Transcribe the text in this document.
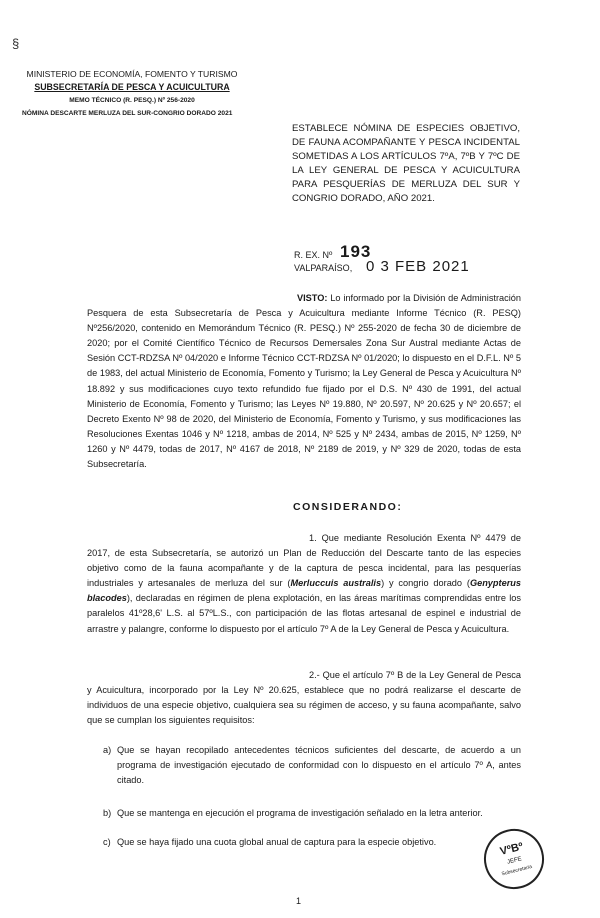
§
MINISTERIO DE ECONOMÍA, FOMENTO Y TURISMO
SUBSECRETARÍA DE PESCA Y ACUICULTURA
MEMO TÉCNICO (R. PESQ.) Nº 256-2020
NÓMINA DESCARTE MERLUZA DEL SUR-CONGRIO DORADO 2021
ESTABLECE NÓMINA DE ESPECIES OBJETIVO, DE FAUNA ACOMPAÑANTE Y PESCA INCIDENTAL SOMETIDAS A LOS ARTÍCULOS 7ºA, 7ºB Y 7ºC DE LA LEY GENERAL DE PESCA Y ACUICULTURA PARA PESQUERÍAS DE MERLUZA DEL SUR Y CONGRIO DORADO, AÑO 2021.
R. EX. Nº 193
VALPARAÍSO, 0 3 FEB 2021
VISTO: Lo informado por la División de Administración Pesquera de esta Subsecretaría de Pesca y Acuicultura mediante Informe Técnico (R. PESQ) Nº256/2020, contenido en Memorándum Técnico (R. PESQ.) Nº 255-2020 de fecha 30 de diciembre de 2020; por el Comité Científico Técnico de Recursos Demersales Zona Sur Austral mediante Actas de Sesión CCT-RDZSA Nº 04/2020 e Informe Técnico CCT-RDZSA Nº 01/2020; lo dispuesto en el D.F.L. Nº 5 de 1983, del actual Ministerio de Economía, Fomento y Turismo; la Ley General de Pesca y Acuicultura Nº 18.892 y sus modificaciones cuyo texto refundido fue fijado por el D.S. Nº 430 de 1991, del actual Ministerio de Economía, Fomento y Turismo; las Leyes Nº 19.880, Nº 20.597, Nº 20.625 y Nº 20.657; el Decreto Exento Nº 98 de 2020, del Ministerio de Economía, Fomento y Turismo, y sus modificaciones las Resoluciones Exentas 1046 y Nº 1218, ambas de 2014, Nº 525 y Nº 2434, ambas de 2015, Nº 1259, Nº 1260 y Nº 4479, todas de 2017, Nº 4167 de 2018, Nº 2189 de 2019, y Nº 329 de 2020, todas de esta Subsecretaría.
CONSIDERANDO:
1. Que mediante Resolución Exenta Nº 4479 de 2017, de esta Subsecretaría, se autorizó un Plan de Reducción del Descarte tanto de las especies objetivo como de la fauna acompañante y de la captura de pesca incidental, para las pesquerías industriales y artesanales de merluza del sur (Merluccuis australis) y congrio dorado (Genypterus blacodes), declaradas en régimen de plena explotación, en las áreas marítimas comprendidas entre los paralelos 41º28,6' L.S. al 57ºL.S., con participación de las flotas artesanal de espinel e industrial de arrastre y palangre, conforme lo dispuesto por el artículo 7º A de la Ley General de Pesca y Acuicultura.
2.- Que el artículo 7º B de la Ley General de Pesca y Acuicultura, incorporado por la Ley Nº 20.625, establece que no podrá realizarse el descarte de individuos de una especie objetivo, cualquiera sea su régimen de acceso, y su fauna acompañante, salvo que se cumplan los siguientes requisitos:
a) Que se hayan recopilado antecedentes técnicos suficientes del descarte, de acuerdo a un programa de investigación ejecutado de conformidad con lo dispuesto en el artículo 7º A, antes citado.
b) Que se mantenga en ejecución el programa de investigación señalado en la letra anterior.
c) Que se haya fijado una cuota global anual de captura para la especie objetivo.	VºBº
JEFE
Subsecretaría
1
